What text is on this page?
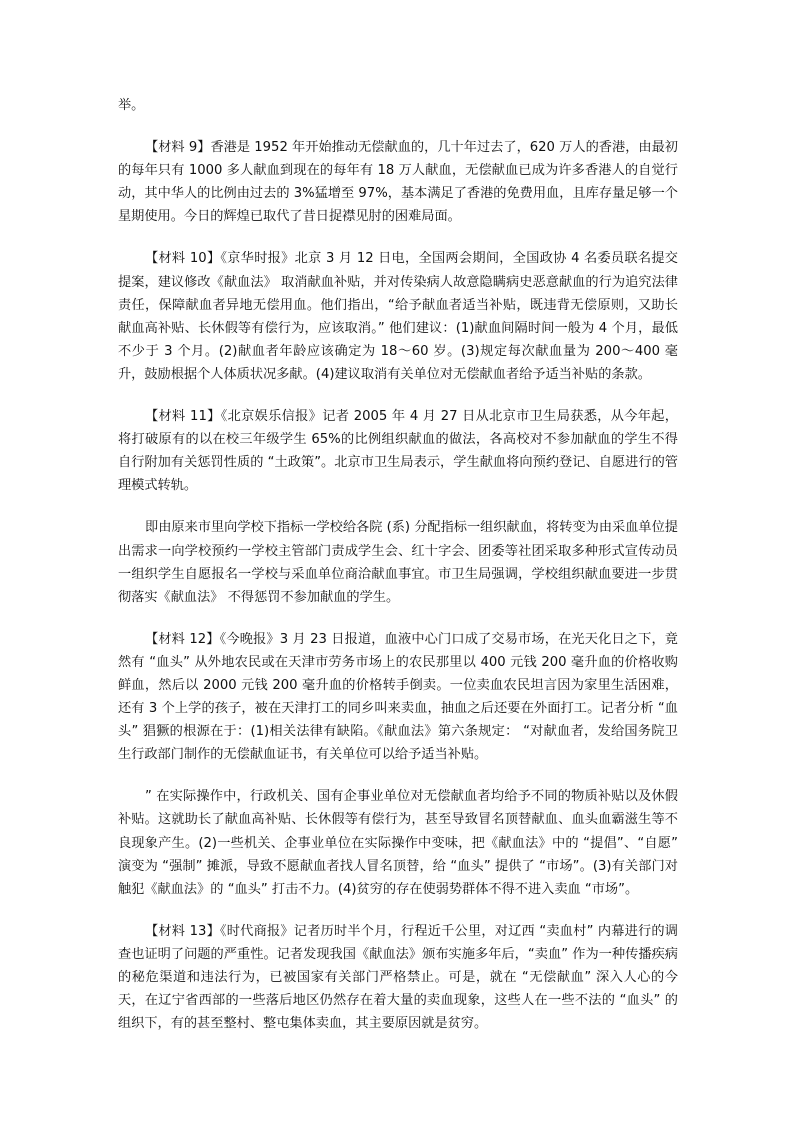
举。

【材料 9】香港是 1952 年开始推动无偿献血的，几十年过去了，620 万人的香港，由最初的每年只有 1000 多人献血到现在的每年有 18 万人献血，无偿献血已成为许多香港人的自觉行动，其中华人的比例由过去的 3%猛增至 97%，基本满足了香港的免费用血，且库存量足够一个星期使用。今日的辉煌已取代了昔日捉襟见肘的困难局面。

【材料 10】《京华时报》北京 3 月 12 日电，全国两会期间，全国政协 4 名委员联名提交提案，建议修改《献血法》 取消献血补贴，并对传染病人故意隐瞒病史恶意献血的行为追究法律责任，保障献血者异地无偿用血。他们指出，“给予献血者适当补贴，既违背无偿原则，又助长献血高补贴、长休假等有偿行为，应该取消。” 他们建议：(1)献血间隔时间一般为 4 个月，最低不少于 3 个月。(2)献血者年龄应该确定为 18～60 岁。(3)规定每次献血量为 200～400 毫升，鼓励根据个人体质状况多献。(4)建议取消有关单位对无偿献血者给予适当补贴的条款。

【材料 11】《北京娱乐信报》记者 2005 年 4 月 27 日从北京市卫生局获悉，从今年起，将打破原有的以在校三年级学生 65%的比例组织献血的做法，各高校对不参加献血的学生不得自行附加有关惩罚性质的 “土政策”。北京市卫生局表示，学生献血将向预约登记、自愿进行的管理模式转轨。

即由原来市里向学校下指标一学校给各院 (系) 分配指标一组织献血，将转变为由采血单位提出需求一向学校预约一学校主管部门责成学生会、红十字会、团委等社团采取多种形式宣传动员一组织学生自愿报名一学校与采血单位商洽献血事宜。市卫生局强调，学校组织献血要进一步贯彻落实《献血法》 不得惩罚不参加献血的学生。

【材料 12】《今晚报》3 月 23 日报道，血液中心门口成了交易市场，在光天化日之下，竟然有 “血头” 从外地农民或在天津市劳务市场上的农民那里以 400 元钱 200 毫升血的价格收购鲜血，然后以 2000 元钱 200 毫升血的价格转手倒卖。一位卖血农民坦言因为家里生活困难，还有 3 个上学的孩子，被在天津打工的同乡叫来卖血，抽血之后还要在外面打工。记者分析 “血头” 猖獗的根源在于：(1)相关法律有缺陷。《献血法》第六条规定： “对献血者，发给国务院卫生行政部门制作的无偿献血证书，有关单位可以给予适当补贴。

” 在实际操作中，行政机关、国有企事业单位对无偿献血者均给予不同的物质补贴以及休假补贴。这就助长了献血高补贴、长休假等有偿行为，甚至导致冒名顶替献血、血头血霸滋生等不良现象产生。(2)一些机关、企事业单位在实际操作中变味，把《献血法》中的 “提倡”、“自愿” 演变为 “强制” 摊派，导致不愿献血者找人冒名顶替，给 “血头” 提供了 “市场”。(3)有关部门对触犯《献血法》的 “血头” 打击不力。(4)贫穷的存在使弱势群体不得不进入卖血 “市场”。

【材料 13】《时代商报》记者历时半个月，行程近千公里，对辽西 “卖血村” 内幕进行的调查也证明了问题的严重性。记者发现我国《献血法》颁布实施多年后，“卖血” 作为一种传播疾病的秘危渠道和违法行为，已被国家有关部门严格禁止。可是，就在 “无偿献血” 深入人心的今天，在辽宁省西部的一些落后地区仍然存在着大量的卖血现象，这些人在一些不法的 “血头” 的组织下，有的甚至整村、整屯集体卖血，其主要原因就是贫穷。
